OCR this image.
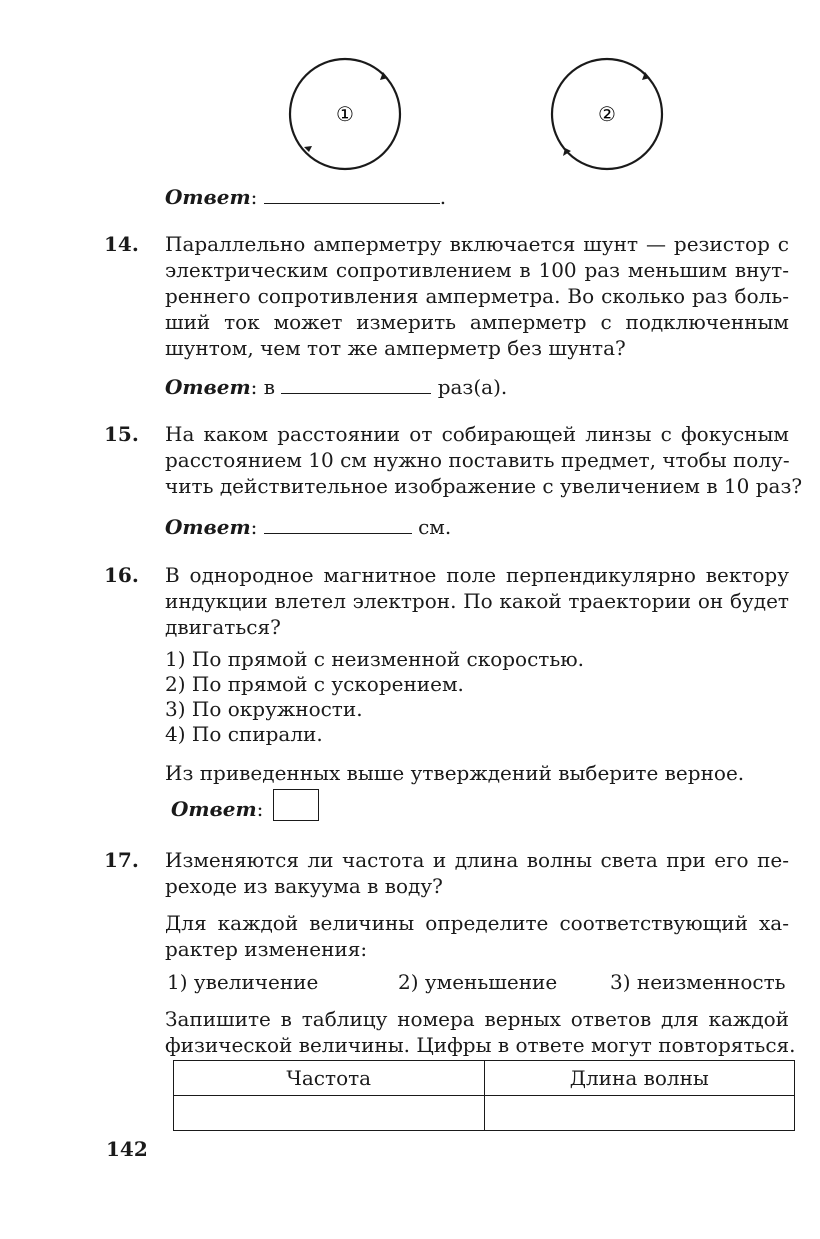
①	②
Ответ:	.
14. Параллельно амперметру включается шунт — резистор с
электрическим сопротивлением в 100 раз меньшим внут-
реннего сопротивления амперметра. Во сколько раз боль-
ший ток может измерить амперметр с подключенным
шунтом, чем тот же амперметр без шунта?
Ответ: в	раз(а).
15. На каком расстоянии от собирающей линзы с фокусным
расстоянием 10 см нужно поставить предмет, чтобы полу-
чить действительное изображение с увеличением в 10 раз?
Ответ:	см.
16. В однородное магнитное поле перпендикулярно вектору
индукции влетел электрон. По какой траектории он будет
двигаться?
1) По прямой с неизменной скоростью.
2) По прямой с ускорением.
3) По окружности.
4) По спирали.
Из приведенных выше утверждений выберите верное.
Ответ:
17. Изменяются ли частота и длина волны света при его пе-
реходе из вакуума в воду?
Для каждой величины определите соответствующий ха-
рактер изменения:
1) увеличение	2) уменьшение	3) неизменность
Запишите в таблицу номера верных ответов для каждой
физической величины. Цифры в ответе могут повторяться.
Частота	Длина волны

142
